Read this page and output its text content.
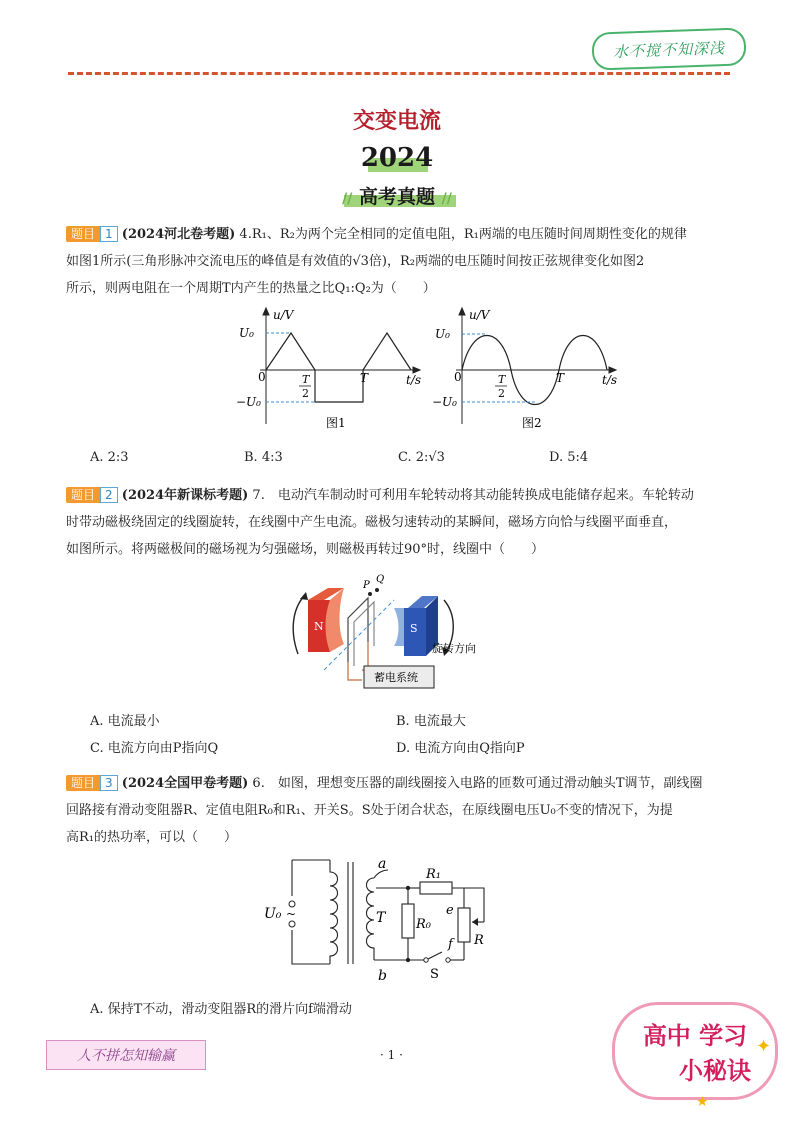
水不搅不知深浅
交变电流
2024
// 高考真题 //
题目 1 (2024河北卷考题) 4.R₁、R₂为两个完全相同的定值电阻，R₁两端的电压随时间周期性变化的规律
如图1所示(三角形脉冲交流电压的峰值是有效值的√3倍)，R₂两端的电压随时间按正弦规律变化如图2
所示，则两电阻在一个周期T内产生的热量之比Q₁:Q₂为（　　）
u/V
U₀
0	T
2
T	t/s
−U₀
图1
u/V
U₀
0	T
2
T	t/s
−U₀
图2
A. 2:3	B. 4:3	C. 2:√3	D. 5:4
题目 2 (2024年新课标考题) 7.　电动汽车制动时可利用车轮转动将其动能转换成电能储存起来。车轮转动
时带动磁极绕固定的线圈旋转，在线圈中产生电流。磁极匀速转动的某瞬间，磁场方向恰与线圈平面垂直，
如图所示。将两磁极间的磁场视为匀强磁场，则磁极再转过90°时，线圈中（　　）
N
P
Q
S
旋转方向
蓄电系统
A. 电流最小	B. 电流最大
C. 电流方向由P指向Q	D. 电流方向由Q指向P
题目 3 (2024全国甲卷考题) 6.　如图，理想变压器的副线圈接入电路的匝数可通过滑动触头T调节，副线圈
回路接有滑动变阻器R、定值电阻R₀和R₁、开关S。S处于闭合状态，在原线圈电压U₀不变的情况下，为提
高R₁的热功率，可以（　　）
U₀ ~
a
b
T
R₁
R₀
e
f R
S
A. 保持T不动，滑动变阻器R的滑片向f端滑动
人不拼怎知输赢	· 1 ·
高中 学习
小秘诀
✦
★
